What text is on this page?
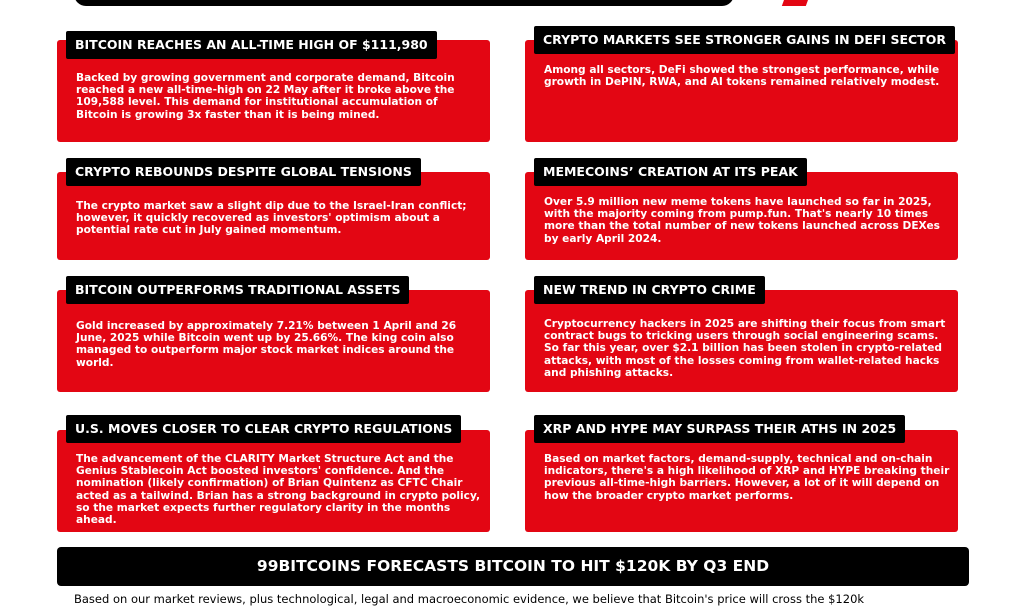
BITCOIN REACHES AN ALL-TIME HIGH OF $111,980
Backed by growing government and corporate demand, Bitcoin reached a new all-time-high on 22 May after it broke above the 109,588 level. This demand for institutional accumulation of Bitcoin is growing 3x faster than it is being mined.
CRYPTO MARKETS SEE STRONGER GAINS IN DEFI SECTOR
Among all sectors, DeFi showed the strongest performance, while growth in DePIN, RWA, and AI tokens remained relatively modest.
CRYPTO REBOUNDS DESPITE GLOBAL TENSIONS
The crypto market saw a slight dip due to the Israel-Iran conflict; however, it quickly recovered as investors' optimism about a potential rate cut in July gained momentum.
MEMECOINS’ CREATION AT ITS PEAK
Over 5.9 million new meme tokens have launched so far in 2025, with the majority coming from pump.fun. That's nearly 10 times more than the total number of new tokens launched across DEXes by early April 2024.
BITCOIN OUTPERFORMS TRADITIONAL ASSETS
Gold increased by approximately 7.21% between 1 April and 26 June, 2025 while Bitcoin went up by 25.66%. The king coin also managed to outperform major stock market indices around the world.
NEW TREND IN CRYPTO CRIME
Cryptocurrency hackers in 2025 are shifting their focus from smart contract bugs to tricking users through social engineering scams. So far this year, over $2.1 billion has been stolen in crypto-related attacks, with most of the losses coming from wallet-related hacks and phishing attacks.
U.S. MOVES CLOSER TO CLEAR CRYPTO REGULATIONS
The advancement of the CLARITY Market Structure Act and the Genius Stablecoin Act boosted investors' confidence. And the nomination (likely confirmation) of Brian Quintenz as CFTC Chair acted as a tailwind. Brian has a strong background in crypto policy, so the market expects further regulatory clarity in the months ahead.
XRP AND HYPE MAY SURPASS THEIR ATHS IN 2025
Based on market factors, demand-supply, technical and on-chain indicators, there's a high likelihood of XRP and HYPE breaking their previous all-time-high barriers. However, a lot of it will depend on how the broader crypto market performs.
99BITCOINS FORECASTS BITCOIN TO HIT $120K BY Q3 END
Based on our market reviews, plus technological, legal and macroeconomic evidence, we believe that Bitcoin's price will cross the $120k
